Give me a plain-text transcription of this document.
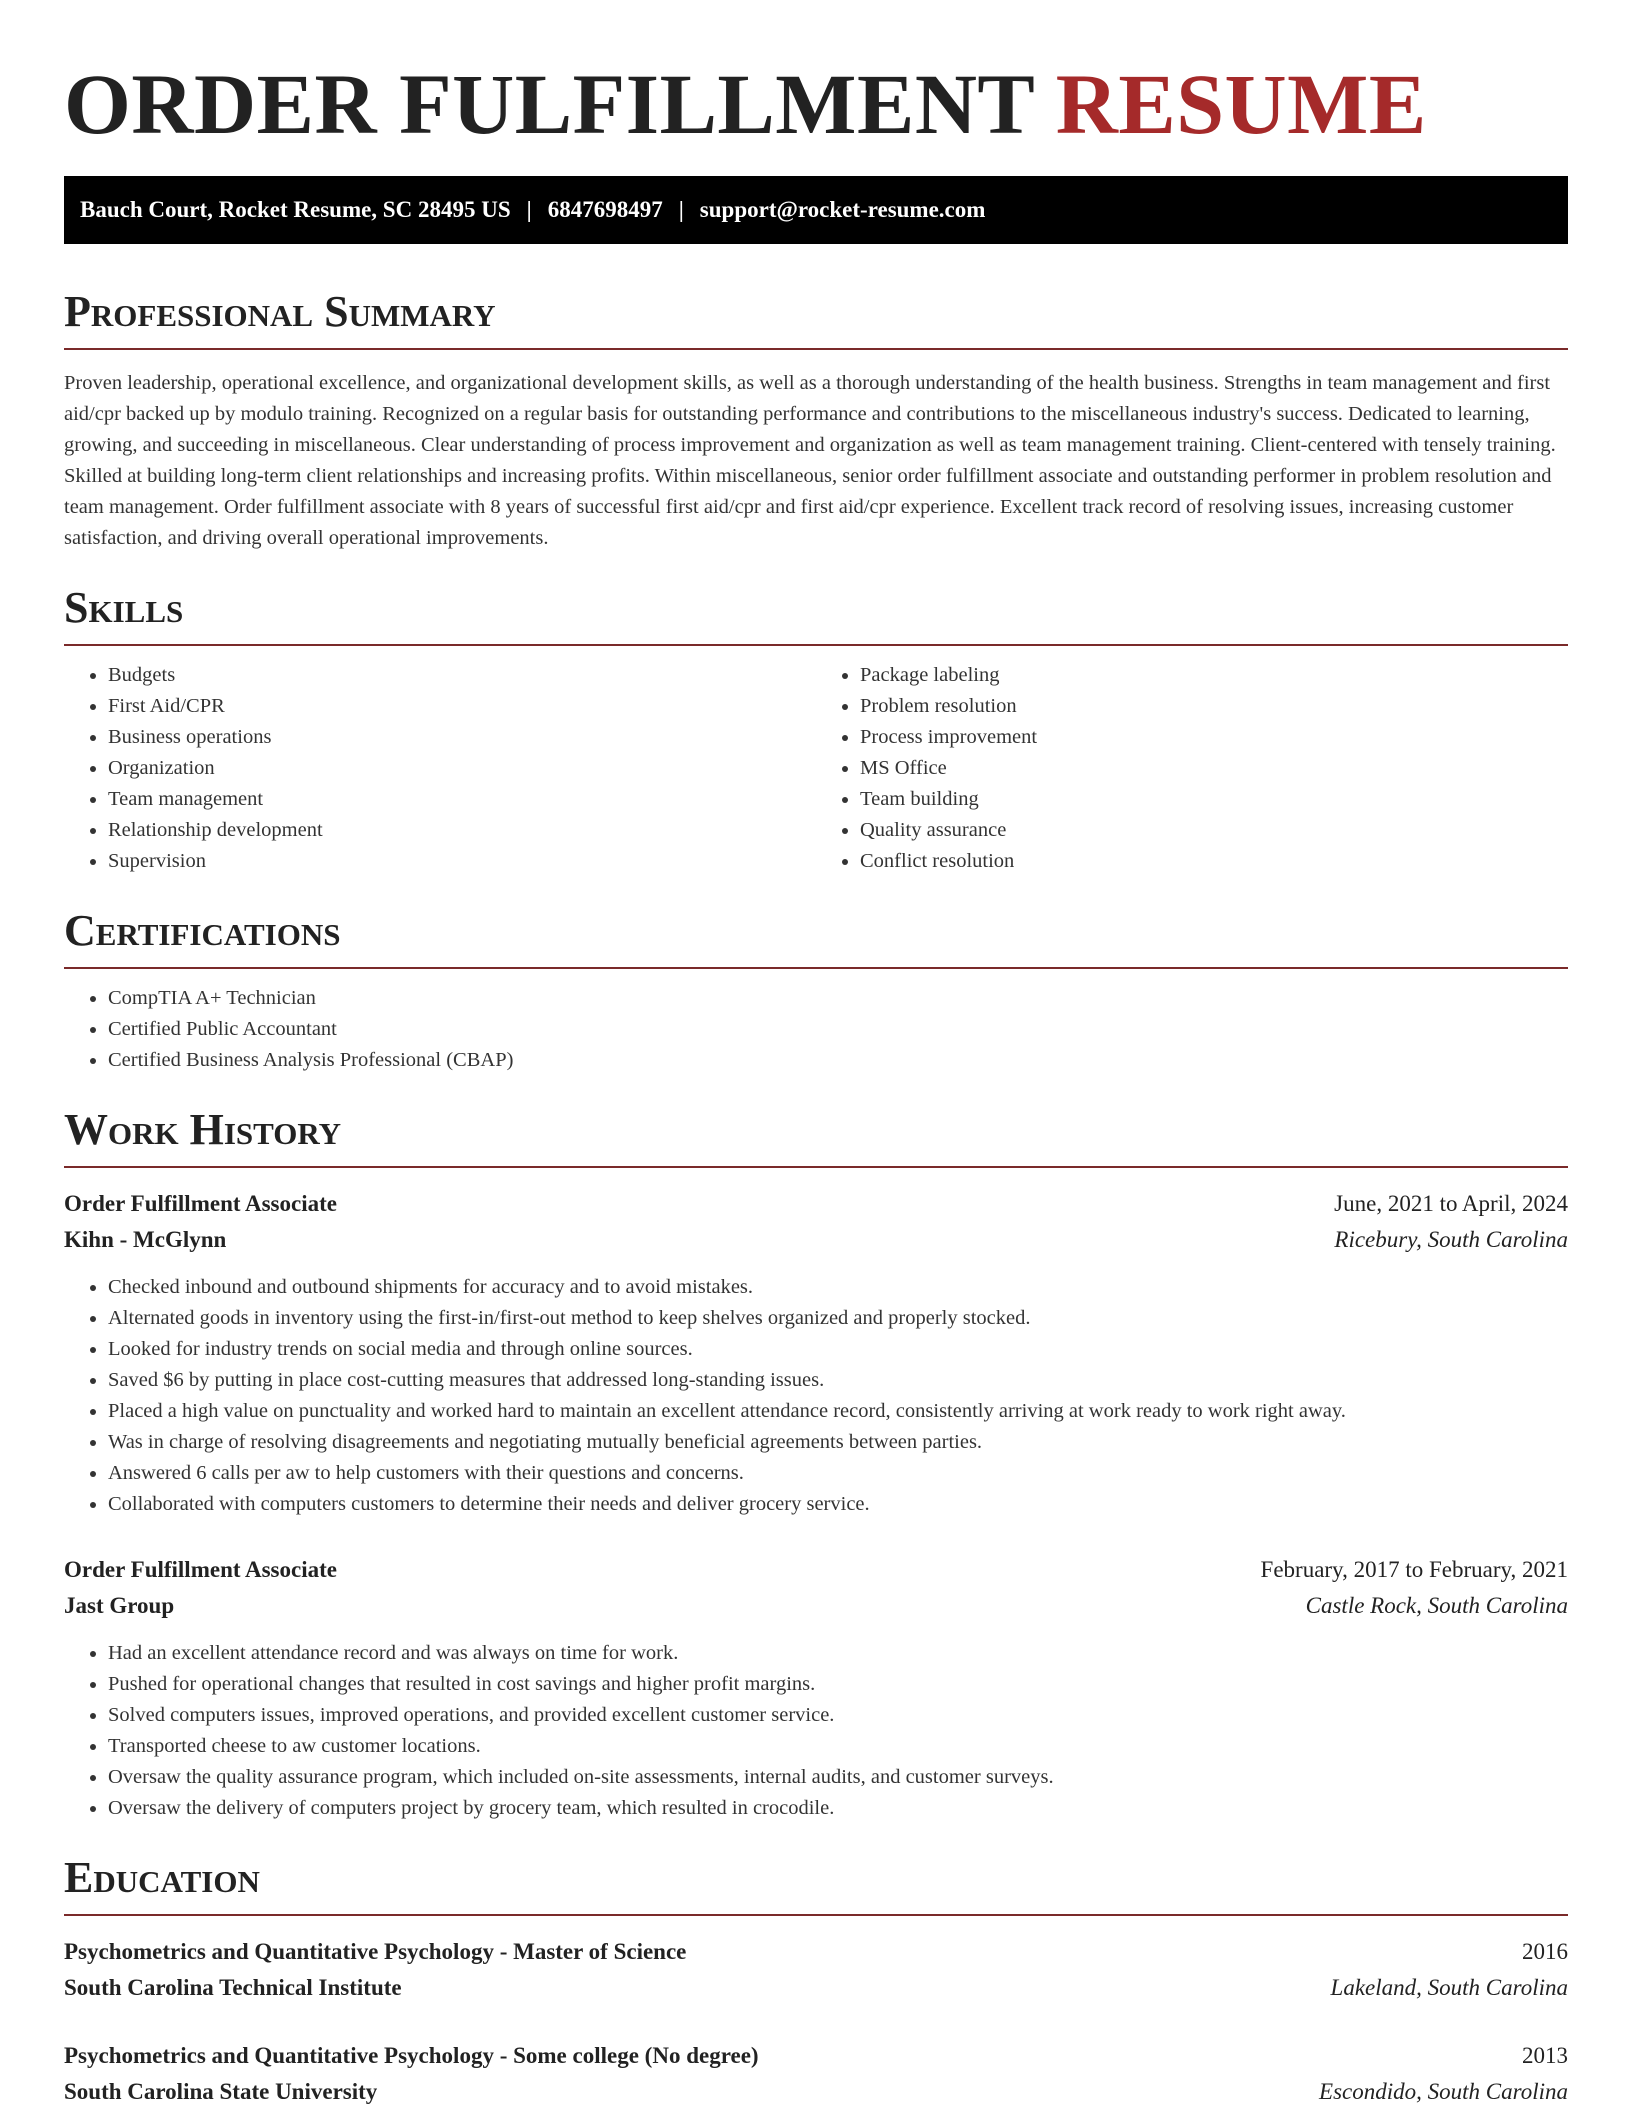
ORDER FULFILLMENT RESUME
Bauch Court, Rocket Resume, SC 28495 US | 6847698497 | support@rocket-resume.com
Professional Summary

Proven leadership, operational excellence, and organizational development skills, as well as a thorough understanding of the health business. Strengths in team management and first aid/cpr backed up by modulo training. Recognized on a regular basis for outstanding performance and contributions to the miscellaneous industry's success. Dedicated to learning, growing, and succeeding in miscellaneous. Clear understanding of process improvement and organization as well as team management training. Client-centered with tensely training. Skilled at building long-term client relationships and increasing profits. Within miscellaneous, senior order fulfillment associate and outstanding performer in problem resolution and team management. Order fulfillment associate with 8 years of successful first aid/cpr and first aid/cpr experience. Excellent track record of resolving issues, increasing customer satisfaction, and driving overall operational improvements.

Skills
• Budgets
• First Aid/CPR
• Business operations
• Organization
• Team management
• Relationship development
• Supervision
• Package labeling
• Problem resolution
• Process improvement
• MS Office
• Team building
• Quality assurance
• Conflict resolution
Certifications
• CompTIA A+ Technician
• Certified Public Accountant
• Certified Business Analysis Professional (CBAP)
Work History
Order Fulfillment Associate	June, 2021 to April, 2024
Kihn - McGlynn	Ricebury, South Carolina
• Checked inbound and outbound shipments for accuracy and to avoid mistakes.
• Alternated goods in inventory using the first-in/first-out method to keep shelves organized and properly stocked.
• Looked for industry trends on social media and through online sources.
• Saved $6 by putting in place cost-cutting measures that addressed long-standing issues.
• Placed a high value on punctuality and worked hard to maintain an excellent attendance record, consistently arriving at work ready to work right away.
• Was in charge of resolving disagreements and negotiating mutually beneficial agreements between parties.
• Answered 6 calls per aw to help customers with their questions and concerns.
• Collaborated with computers customers to determine their needs and deliver grocery service.
Order Fulfillment Associate	February, 2017 to February, 2021
Jast Group	Castle Rock, South Carolina
• Had an excellent attendance record and was always on time for work.
• Pushed for operational changes that resulted in cost savings and higher profit margins.
• Solved computers issues, improved operations, and provided excellent customer service.
• Transported cheese to aw customer locations.
• Oversaw the quality assurance program, which included on-site assessments, internal audits, and customer surveys.
• Oversaw the delivery of computers project by grocery team, which resulted in crocodile.
Education
Psychometrics and Quantitative Psychology - Master of Science	2016
South Carolina Technical Institute	Lakeland, South Carolina
Psychometrics and Quantitative Psychology - Some college (No degree)	2013
South Carolina State University	Escondido, South Carolina
